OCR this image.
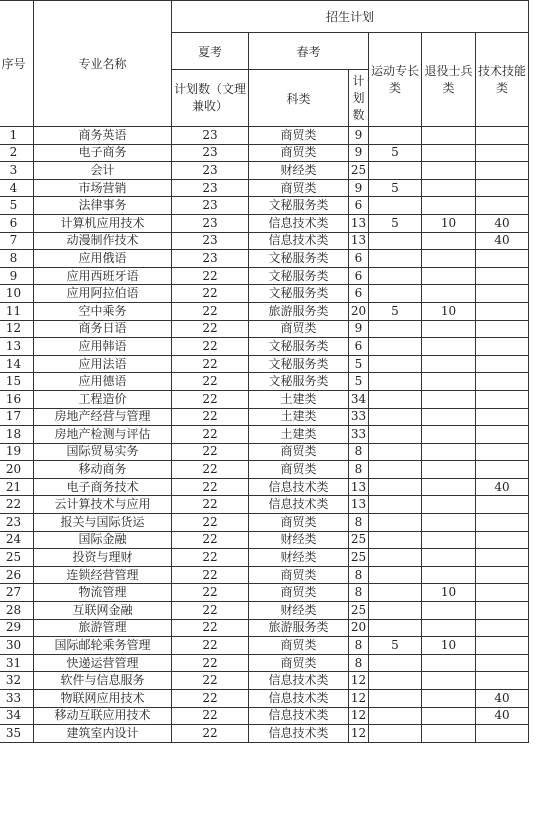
序号	专业名称	招生计划					
		夏考	春考		运动专长类	退役士兵类	技术技能类
		计划数（文理兼收）	科类	计划数			
1	商务英语	23	商贸类	9			
2	电子商务	23	商贸类	9	5		
3	会计	23	财经类	25			
4	市场营销	23	商贸类	9	5		
5	法律事务	23	文秘服务类	6			
6	计算机应用技术	23	信息技术类	13	5	10	40
7	动漫制作技术	23	信息技术类	13			40
8	应用俄语	23	文秘服务类	6			
9	应用西班牙语	22	文秘服务类	6			
10	应用阿拉伯语	22	文秘服务类	6			
11	空中乘务	22	旅游服务类	20	5	10	
12	商务日语	22	商贸类	9			
13	应用韩语	22	文秘服务类	6			
14	应用法语	22	文秘服务类	5			
15	应用德语	22	文秘服务类	5			
16	工程造价	22	土建类	34			
17	房地产经营与管理	22	土建类	33			
18	房地产检测与评估	22	土建类	33			
19	国际贸易实务	22	商贸类	8			
20	移动商务	22	商贸类	8			
21	电子商务技术	22	信息技术类	13			40
22	云计算技术与应用	22	信息技术类	13			
23	报关与国际货运	22	商贸类	8			
24	国际金融	22	财经类	25			
25	投资与理财	22	财经类	25			
26	连锁经营管理	22	商贸类	8			
27	物流管理	22	商贸类	8		10	
28	互联网金融	22	财经类	25			
29	旅游管理	22	旅游服务类	20			
30	国际邮轮乘务管理	22	商贸类	8	5	10	
31	快递运营管理	22	商贸类	8			
32	软件与信息服务	22	信息技术类	12			
33	物联网应用技术	22	信息技术类	12			40
34	移动互联应用技术	22	信息技术类	12			40
35	建筑室内设计	22	信息技术类	12			
